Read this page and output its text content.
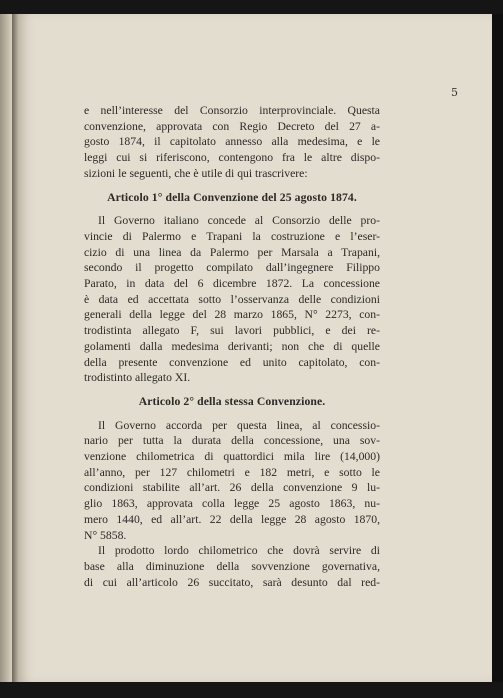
5
e nell’interesse del Consorzio interprovinciale. Questa
convenzione, approvata con Regio Decreto del 27 a-
gosto 1874, il capitolato annesso alla medesima, e le
leggi cui si riferiscono, contengono fra le altre dispo-
sizioni le seguenti, che è utile di qui trascrivere:
Articolo 1° della Convenzione del 25 agosto 1874.
Il Governo italiano concede al Consorzio delle pro-
vincie di Palermo e Trapani la costruzione e l’eser-
cizio di una linea da Palermo per Marsala a Trapani,
secondo il progetto compilato dall’ingegnere Filippo
Parato, in data del 6 dicembre 1872. La concessione
è data ed accettata sotto l’osservanza delle condizioni
generali della legge del 28 marzo 1865, N° 2273, con-
trodistinta allegato F, sui lavori pubblici, e dei re-
golamenti dalla medesima derivanti; non che di quelle
della presente convenzione ed unito capitolato, con-
trodistinto allegato XI.
Articolo 2° della stessa Convenzione.
Il Governo accorda per questa linea, al concessio-
nario per tutta la durata della concessione, una sov-
venzione chilometrica di quattordici mila lire (14,000)
all’anno, per 127 chilometri e 182 metri, e sotto le
condizioni stabilite all’art. 26 della convenzione 9 lu-
glio 1863, approvata colla legge 25 agosto 1863, nu-
mero 1440, ed all’art. 22 della legge 28 agosto 1870,
N° 5858.
Il prodotto lordo chilometrico che dovrà servire di
base alla diminuzione della sovvenzione governativa,
di cui all’articolo 26 succitato, sarà desunto dal red-
